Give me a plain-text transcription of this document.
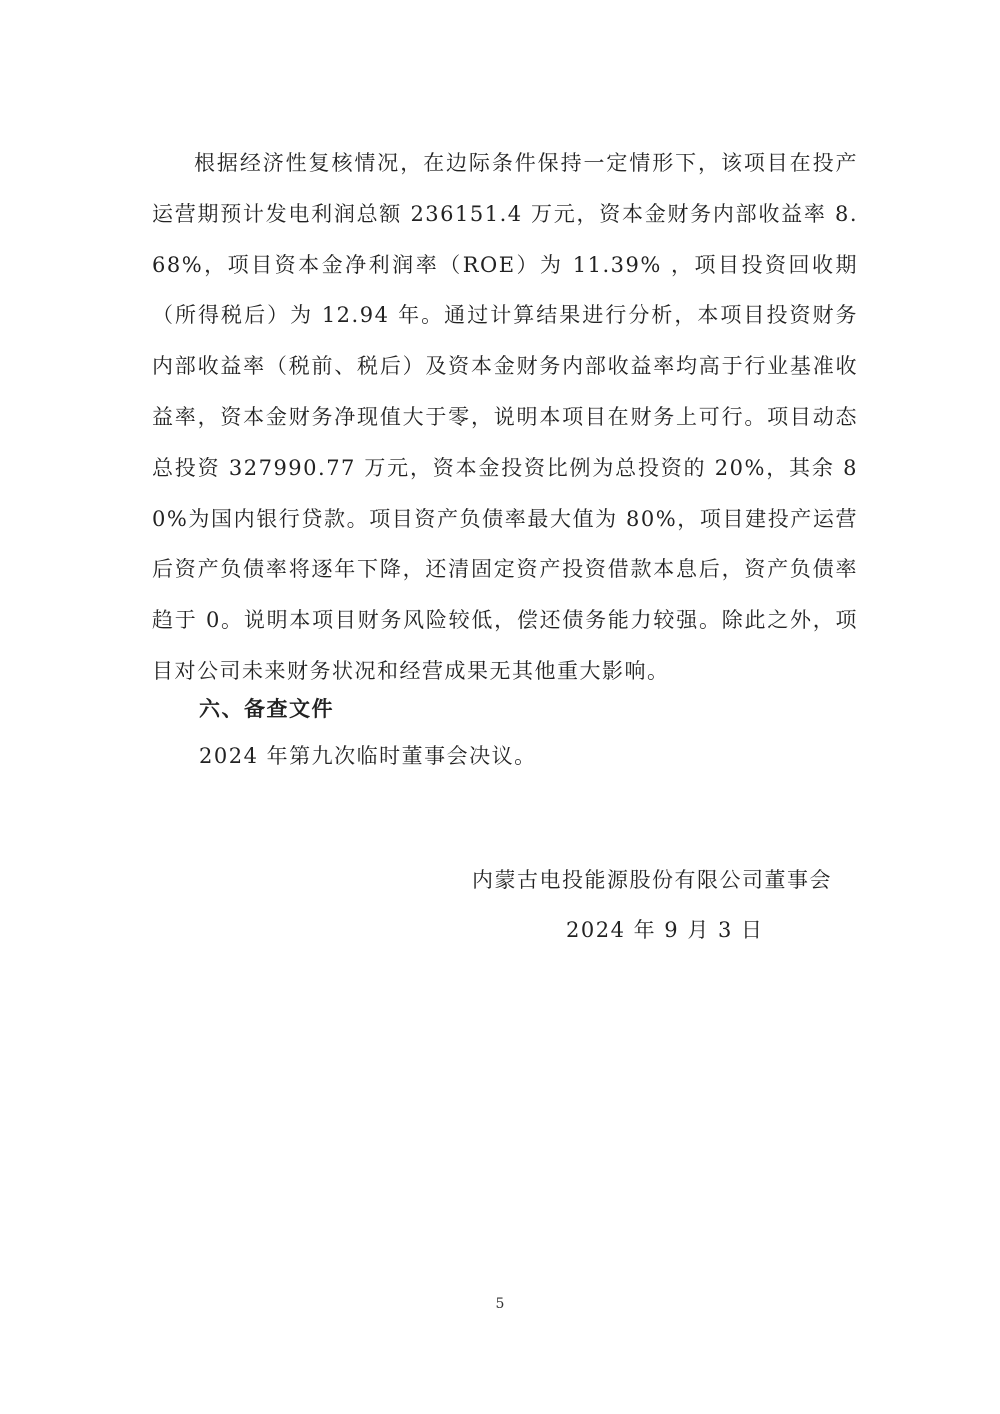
根据经济性复核情况，在边际条件保持一定情形下，该项目在投产运营期预计发电利润总额 236151.4 万元，资本金财务内部收益率 8.68%，项目资本金净利润率（ROE）为 11.39% ，项目投资回收期（所得税后）为 12.94 年。通过计算结果进行分析，本项目投资财务内部收益率（税前、税后）及资本金财务内部收益率均高于行业基准收益率，资本金财务净现值大于零，说明本项目在财务上可行。项目动态总投资 327990.77 万元，资本金投资比例为总投资的 20%，其余 80%为国内银行贷款。项目资产负债率最大值为 80%，项目建投产运营后资产负债率将逐年下降，还清固定资产投资借款本息后，资产负债率趋于 0。说明本项目财务风险较低，偿还债务能力较强。除此之外，项目对公司未来财务状况和经营成果无其他重大影响。

六、备查文件

2024 年第九次临时董事会决议。

内蒙古电投能源股份有限公司董事会

2024 年 9 月 3 日

5
